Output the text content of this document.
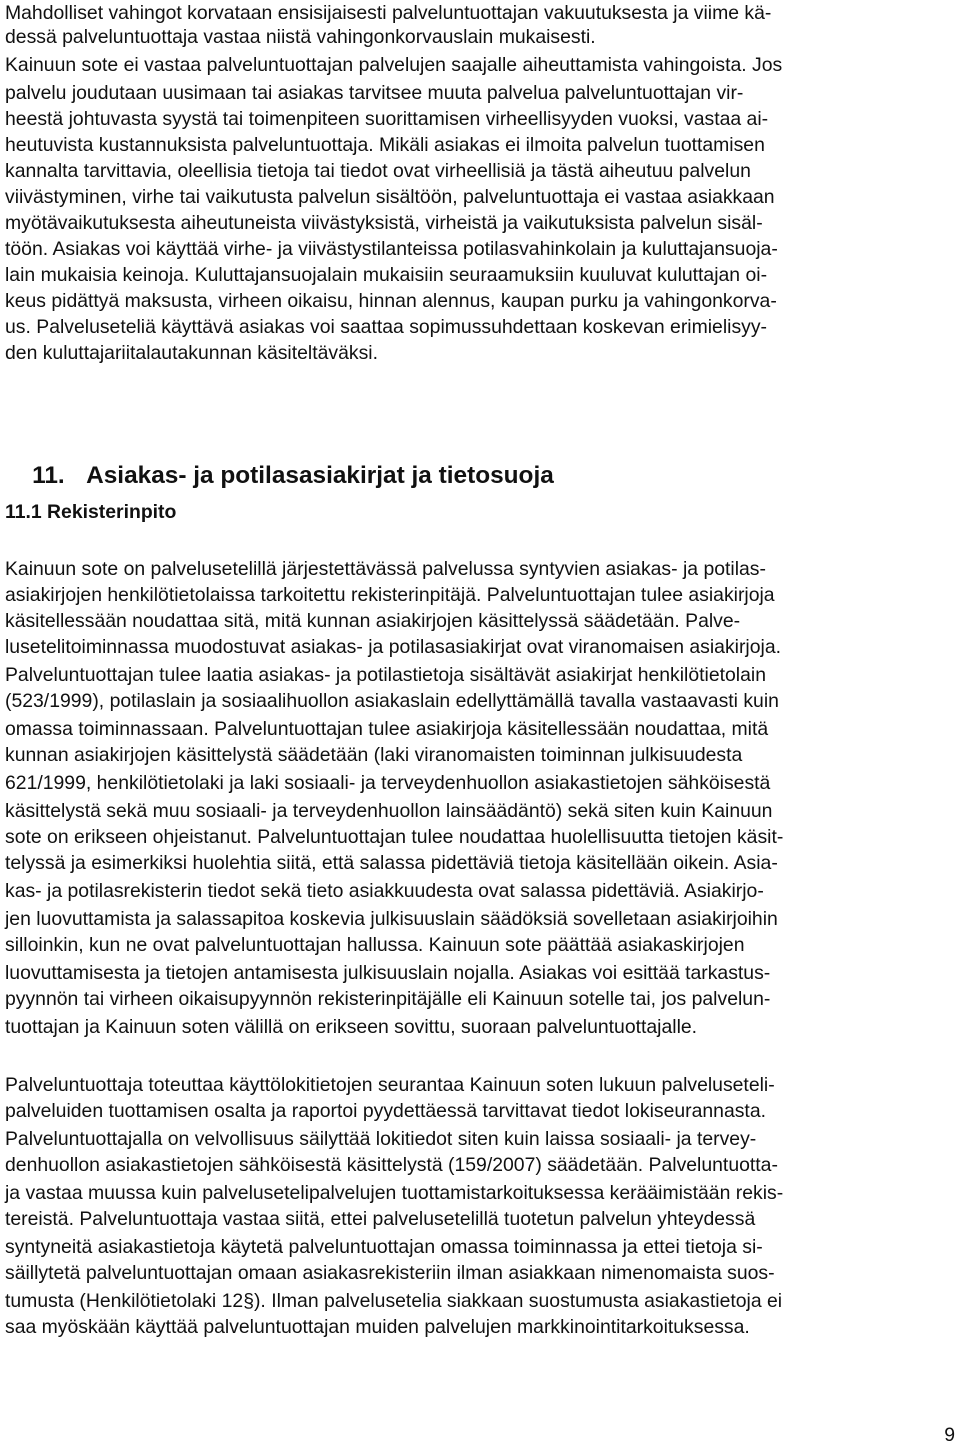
Mahdolliset vahingot korvataan ensisijaisesti palveluntuottajan vakuutuksesta ja viime kä-

dessä palveluntuottaja vastaa niistä vahingonkorvauslain mukaisesti.

Kainuun sote ei vastaa palveluntuottajan palvelujen saajalle aiheuttamista vahingoista. Jos

palvelu joudutaan uusimaan tai asiakas tarvitsee muuta palvelua palveluntuottajan vir-

heestä johtuvasta syystä tai toimenpiteen suorittamisen virheellisyyden vuoksi, vastaa ai-

heutuvista kustannuksista palveluntuottaja. Mikäli asiakas ei ilmoita palvelun tuottamisen

kannalta tarvittavia, oleellisia tietoja tai tiedot ovat virheellisiä ja tästä aiheutuu palvelun

viivästyminen, virhe tai vaikutusta palvelun sisältöön, palveluntuottaja ei vastaa asiakkaan

myötävaikutuksesta aiheutuneista viivästyksistä, virheistä ja vaikutuksista palvelun sisäl-

töön. Asiakas voi käyttää virhe- ja viivästystilanteissa potilasvahinkolain ja kuluttajansuoja-

lain mukaisia keinoja. Kuluttajansuojalain mukaisiin seuraamuksiin kuuluvat kuluttajan oi-

keus pidättyä maksusta, virheen oikaisu, hinnan alennus, kaupan purku ja vahingonkorva-

us. Palveluseteliä käyttävä asiakas voi saattaa sopimussuhdettaan koskevan erimielisyy-

den kuluttajariitalautakunnan käsiteltäväksi.

11. Asiakas- ja potilasasiakirjat ja tietosuoja

11.1 Rekisterinpito

Kainuun sote on palvelusetelillä järjestettävässä palvelussa syntyvien asiakas- ja potilas-

asiakirjojen henkilötietolaissa tarkoitettu rekisterinpitäjä. Palveluntuottajan tulee asiakirjoja

käsitellessään noudattaa sitä, mitä kunnan asiakirjojen käsittelyssä säädetään. Palve-

lusetelitoiminnassa muodostuvat asiakas- ja potilasasiakirjat ovat viranomaisen asiakirjoja.

Palveluntuottajan tulee laatia asiakas- ja potilastietoja sisältävät asiakirjat henkilötietolain

(523/1999), potilaslain ja sosiaalihuollon asiakaslain edellyttämällä tavalla vastaavasti kuin

omassa toiminnassaan. Palveluntuottajan tulee asiakirjoja käsitellessään noudattaa, mitä

kunnan asiakirjojen käsittelystä säädetään (laki viranomaisten toiminnan julkisuudesta

621/1999, henkilötietolaki ja laki sosiaali- ja terveydenhuollon asiakastietojen sähköisestä

käsittelystä sekä muu sosiaali- ja terveydenhuollon lainsäädäntö) sekä siten kuin Kainuun

sote on erikseen ohjeistanut. Palveluntuottajan tulee noudattaa huolellisuutta tietojen käsit-

telyssä ja esimerkiksi huolehtia siitä, että salassa pidettäviä tietoja käsitellään oikein. Asia-

kas- ja potilasrekisterin tiedot sekä tieto asiakkuudesta ovat salassa pidettäviä. Asiakirjo-

jen luovuttamista ja salassapitoa koskevia julkisuuslain säädöksiä sovelletaan asiakirjoihin

silloinkin, kun ne ovat palveluntuottajan hallussa. Kainuun sote päättää asiakaskirjojen

luovuttamisesta ja tietojen antamisesta julkisuuslain nojalla. Asiakas voi esittää tarkastus-

pyynnön tai virheen oikaisupyynnön rekisterinpitäjälle eli Kainuun sotelle tai, jos palvelun-

tuottajan ja Kainuun soten välillä on erikseen sovittu, suoraan palveluntuottajalle.

Palveluntuottaja toteuttaa käyttölokitietojen seurantaa Kainuun soten lukuun palveluseteli-

palveluiden tuottamisen osalta ja raportoi pyydettäessä tarvittavat tiedot lokiseurannasta.

Palveluntuottajalla on velvollisuus säilyttää lokitiedot siten kuin laissa sosiaali- ja tervey-

denhuollon asiakastietojen sähköisestä käsittelystä (159/2007) säädetään. Palveluntuotta-

ja vastaa muussa kuin palvelusetelipalvelujen tuottamistarkoituksessa kerääimistään rekis-

tereistä. Palveluntuottaja vastaa siitä, ettei palvelusetelillä tuotetun palvelun yhteydessä

syntyneitä asiakastietoja käytetä palveluntuottajan omassa toiminnassa ja ettei tietoja si-

säillytetä palveluntuottajan omaan asiakasrekisteriin ilman asiakkaan nimenomaista suos-

tumusta (Henkilötietolaki 12§). Ilman palvelusetelia siakkaan suostumusta asiakastietoja ei

saa myöskään käyttää palveluntuottajan muiden palvelujen markkinointitarkoituksessa.

9
